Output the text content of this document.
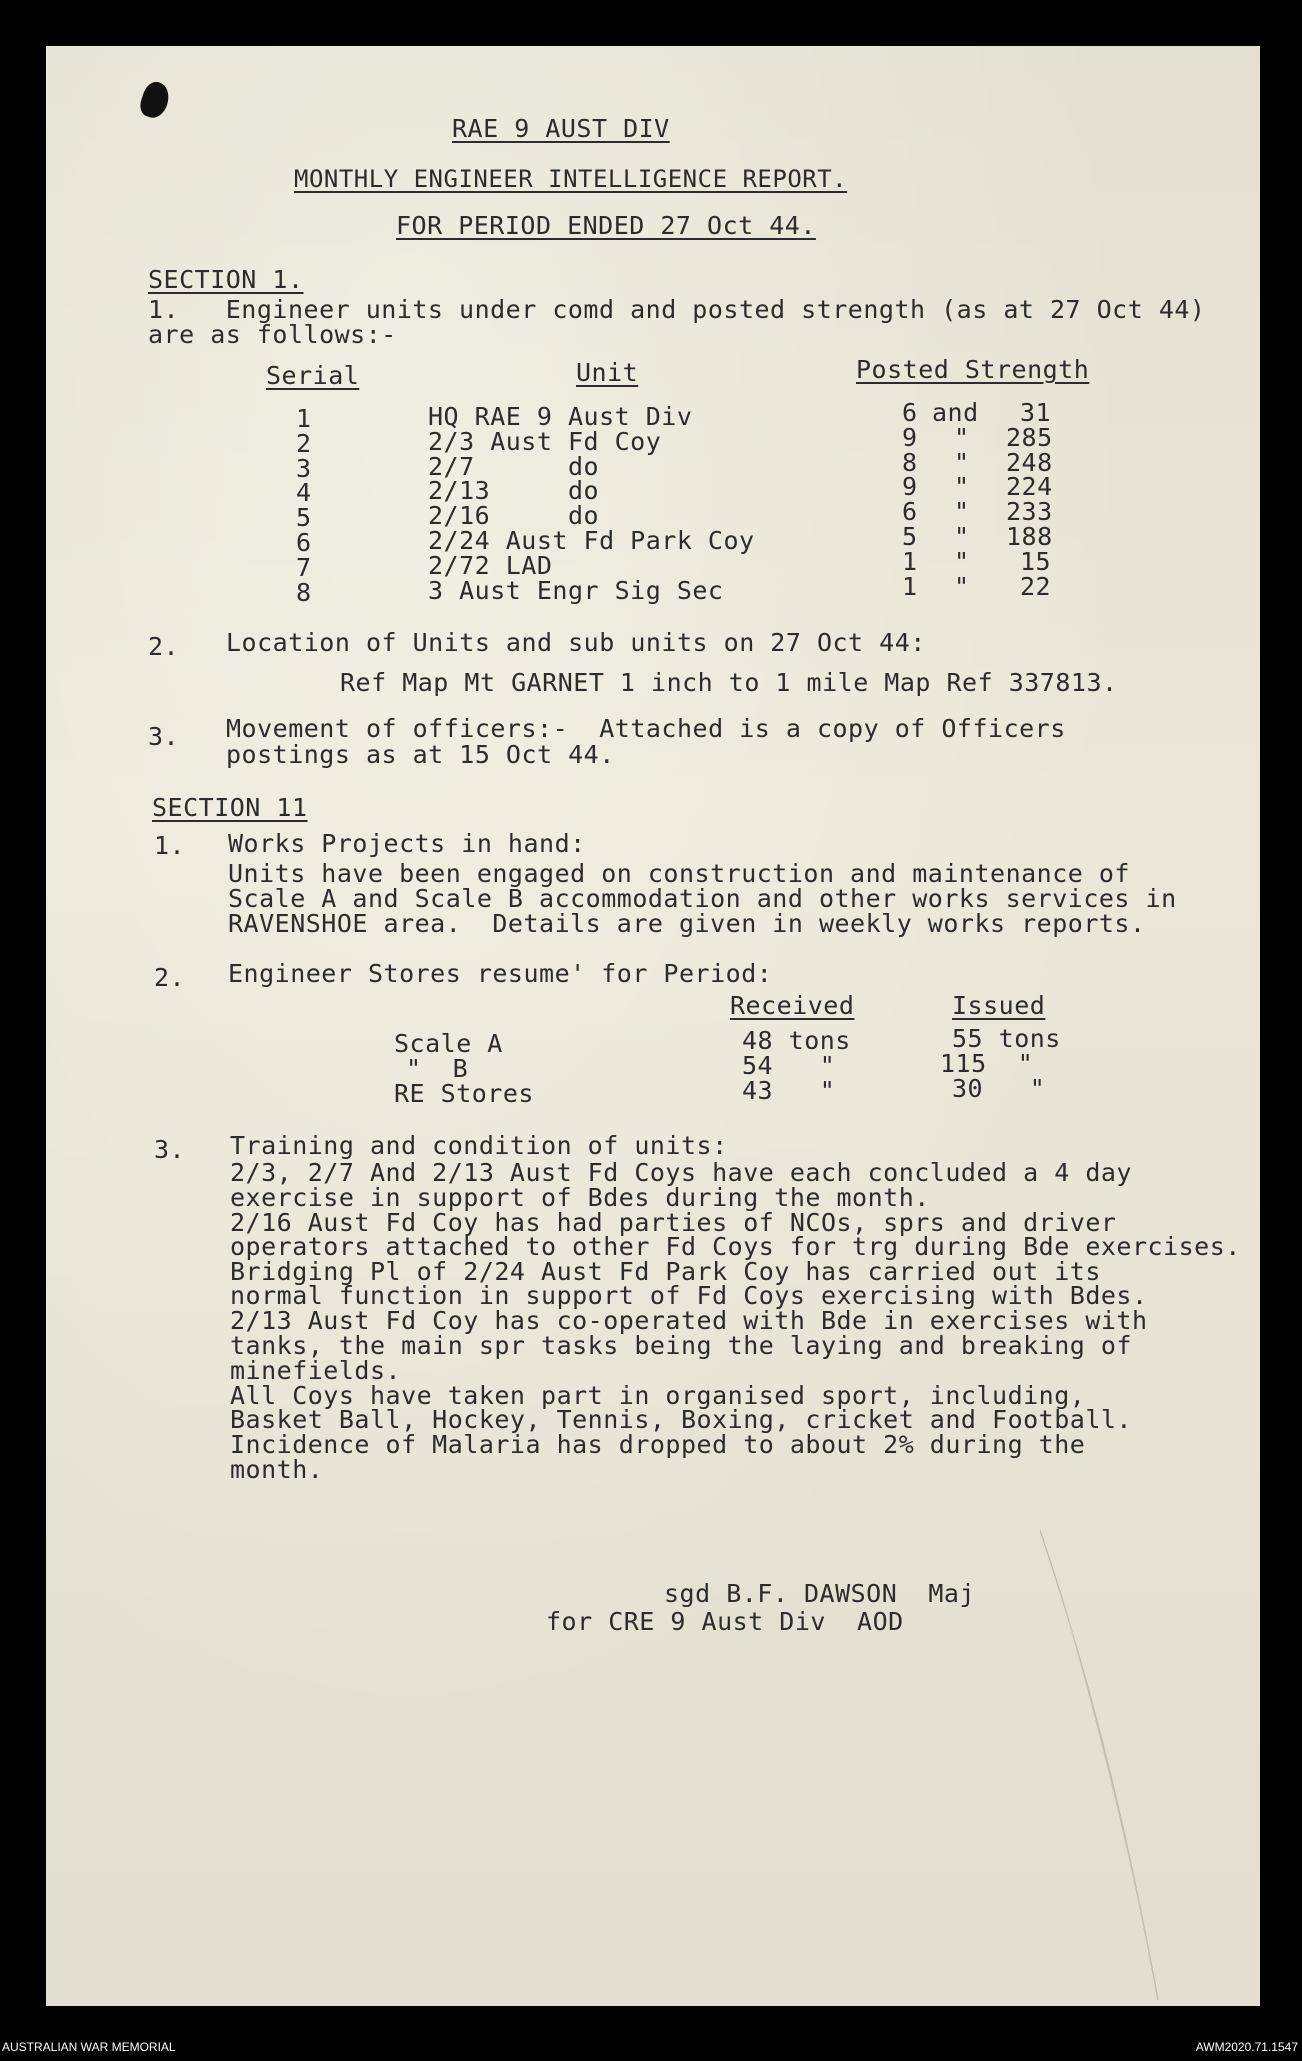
RAE 9 AUST DIV
MONTHLY ENGINEER INTELLIGENCE REPORT.
FOR PERIOD ENDED 27 Oct 44.
SECTION 1.
1.   Engineer units under comd and posted strength (as at 27 Oct 44)
are as follows:-
Serial	Unit	Posted Strength
1	HQ RAE 9 Aust Div	6 and 31
2	2/3 Aust Fd Coy	9 " 285
3	2/7      do	8 " 248
4	2/13     do	9 " 224
5	2/16     do	6 " 233
6	2/24 Aust Fd Park Coy	5 " 188
7	2/72 LAD	1 " 15
8	3 Aust Engr Sig Sec	1 " 22
2. Location of Units and sub units on 27 Oct 44:
Ref Map Mt GARNET 1 inch to 1 mile Map Ref 337813.
3. Movement of officers:-  Attached is a copy of Officers
postings as at 15 Oct 44.
SECTION 11
1. Works Projects in hand:
Units have been engaged on construction and maintenance of
Scale A and Scale B accommodation and other works services in
RAVENSHOE area.  Details are given in weekly works reports.
2. Engineer Stores resume' for Period:
Received	Issued
Scale A	48 tons	55 tons
"  B	54   "	115  "
RE Stores	43   "	30   "
3. Training and condition of units:
2/3, 2/7 And 2/13 Aust Fd Coys have each concluded a 4 day
exercise in support of Bdes during the month.
2/16 Aust Fd Coy has had parties of NCOs, sprs and driver
operators attached to other Fd Coys for trg during Bde exercises.
Bridging Pl of 2/24 Aust Fd Park Coy has carried out its
normal function in support of Fd Coys exercising with Bdes.
2/13 Aust Fd Coy has co-operated with Bde in exercises with
tanks, the main spr tasks being the laying and breaking of
minefields.
All Coys have taken part in organised sport, including,
Basket Ball, Hockey, Tennis, Boxing, cricket and Football.
Incidence of Malaria has dropped to about 2% during the
month.
sgd B.F. DAWSON  Maj
for CRE 9 Aust Div  AOD
AUSTRALIAN WAR MEMORIAL	AWM2020.71.1547
